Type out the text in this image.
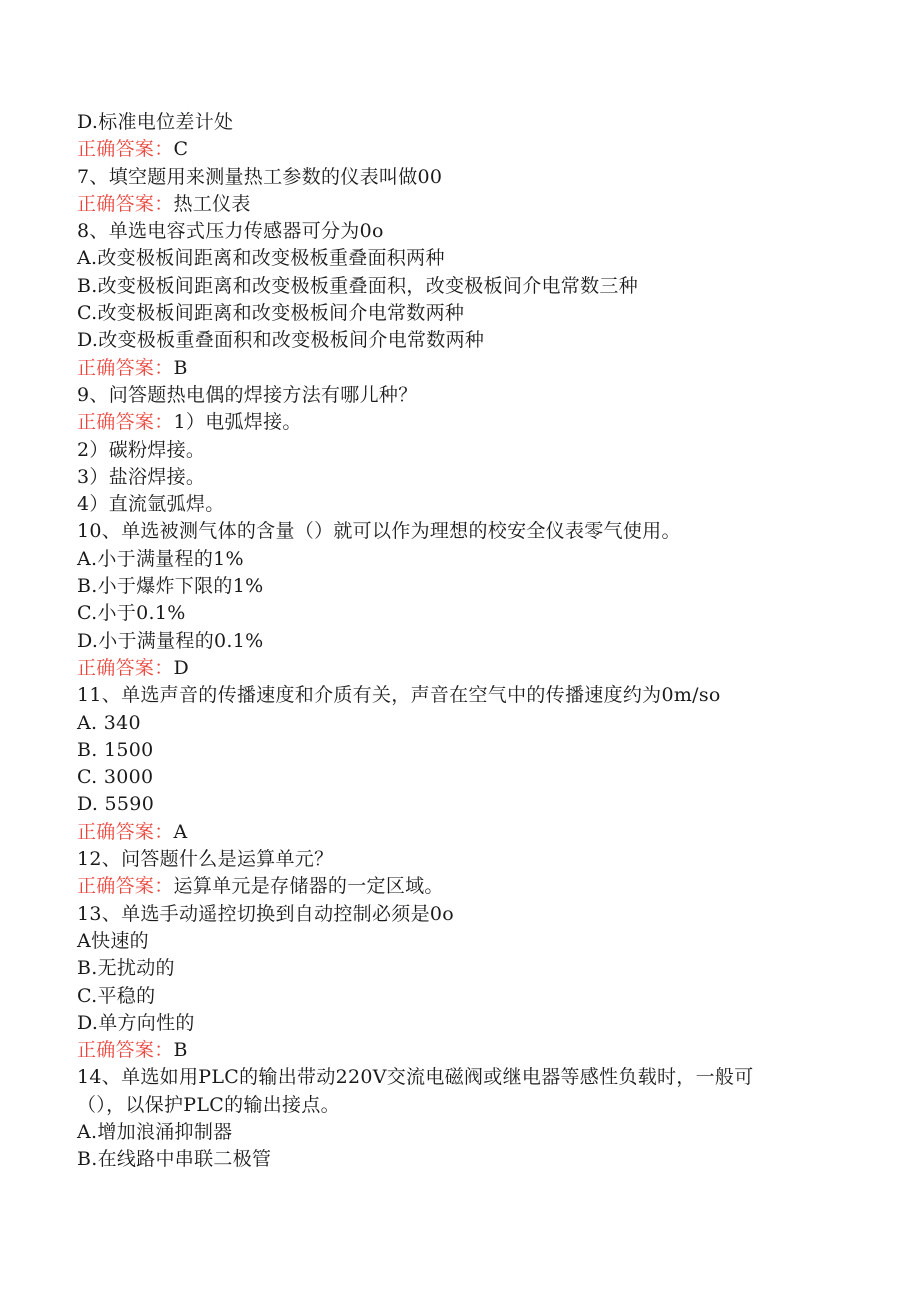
D.标准电位差计处
正确答案：C
7、填空题用来测量热工参数的仪表叫做00
正确答案：热工仪表
8、单选电容式压力传感器可分为0o
A.改变极板间距离和改变极板重叠面积两种
B.改变极板间距离和改变极板重叠面积，改变极板间介电常数三种
C.改变极板间距离和改变极板间介电常数两种
D.改变极板重叠面积和改变极板间介电常数两种
正确答案：B
9、问答题热电偶的焊接方法有哪儿种？
正确答案：1）电弧焊接。
2）碳粉焊接。
3）盐浴焊接。
4）直流氩弧焊。
10、单选被测气体的含量（）就可以作为理想的校安全仪表零气使用。
A.小于满量程的1%
B.小于爆炸下限的1%
C.小于0.1%
D.小于满量程的0.1%
正确答案：D
11、单选声音的传播速度和介质有关，声音在空气中的传播速度约为0m/so
A. 340
B. 1500
C. 3000
D. 5590
正确答案：A
12、问答题什么是运算单元？
正确答案：运算单元是存储器的一定区域。
13、单选手动遥控切换到自动控制必须是0o
A快速的
B.无扰动的
C.平稳的
D.单方向性的
正确答案：B
14、单选如用PLC的输出带动220V交流电磁阀或继电器等感性负载时，一般可
（），以保护PLC的输出接点。
A.增加浪涌抑制器
B.在线路中串联二极管
